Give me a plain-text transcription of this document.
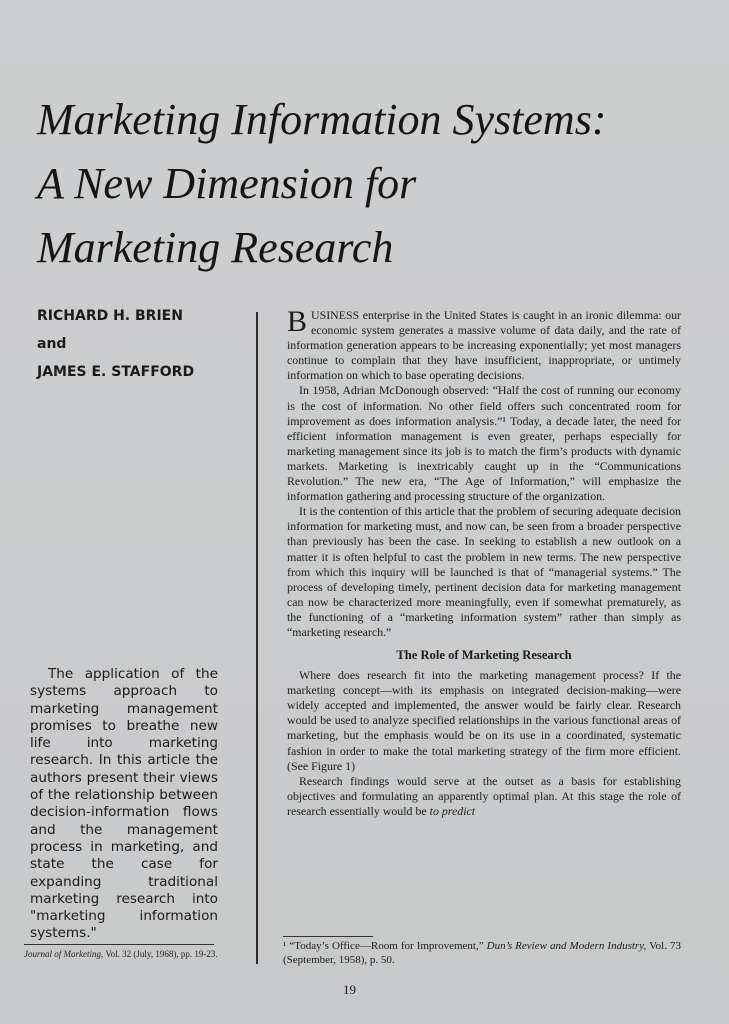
Marketing Information Systems:
A New Dimension for
Marketing Research
RICHARD H. BRIEN
and
JAMES E. STAFFORD
The application of the systems approach to marketing management promises to breathe new life into marketing research. In this article the authors present their views of the relationship between decision-information flows and the management process in marketing, and state the case for expanding traditional marketing research into "marketing information systems."

BUSINESS enterprise in the United States is caught in an ironic dilemma: our economic system generates a massive volume of data daily, and the rate of information generation appears to be increasing exponentially; yet most managers continue to complain that they have insufficient, inappropriate, or untimely information on which to base operating decisions.

In 1958, Adrian McDonough observed: “Half the cost of running our economy is the cost of information. No other field offers such concentrated room for improvement as does information analysis.”¹ Today, a decade later, the need for efficient information management is even greater, perhaps especially for marketing management since its job is to match the firm’s products with dynamic markets. Marketing is inextricably caught up in the “Communications Revolution.” The new era, “The Age of Information,” will emphasize the information gathering and processing structure of the organization.

It is the contention of this article that the problem of securing adequate decision information for marketing must, and now can, be seen from a broader perspective than previously has been the case. In seeking to establish a new outlook on a matter it is often helpful to cast the problem in new terms. The new perspective from which this inquiry will be launched is that of “managerial systems.” The process of developing timely, pertinent decision data for marketing management can now be characterized more meaningfully, even if somewhat prematurely, as the functioning of a “marketing information system” rather than simply as “marketing research.”

The Role of Marketing Research

Where does research fit into the marketing management process? If the marketing concept—with its emphasis on integrated decision-making—were widely accepted and implemented, the answer would be fairly clear. Research would be used to analyze specified relationships in the various functional areas of marketing, but the emphasis would be on its use in a coordinated, systematic fashion in order to make the total marketing strategy of the firm more efficient. (See Figure 1)

Research findings would serve at the outset as a basis for establishing objectives and formulating an apparently optimal plan. At this stage the role of research essentially would be to predict

Journal of Marketing, Vol. 32 (July, 1968), pp. 19-23.
¹ “Today’s Office—Room for Improvement,” Dun’s Review and Modern Industry, Vol. 73 (September, 1958), p. 50.
19
